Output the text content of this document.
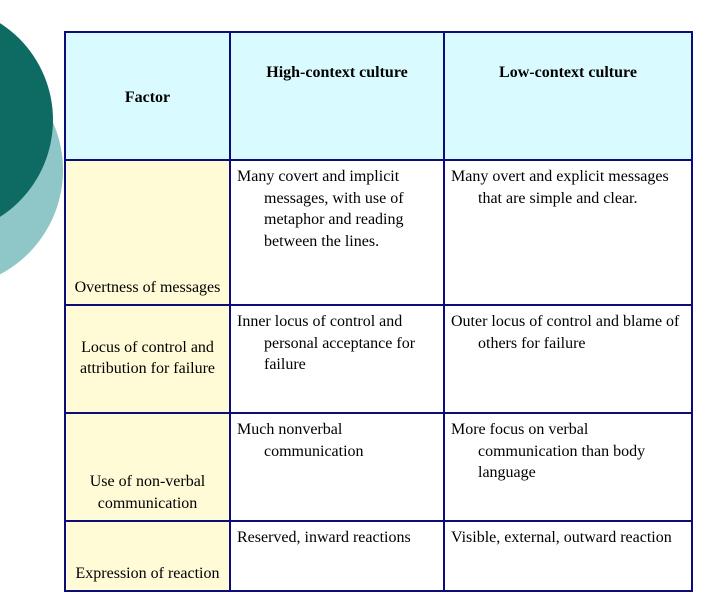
Factor	High-context culture	Low-context culture
Overtness of messages	Many covert and implicit messages, with use of metaphor and reading between the lines.	Many overt and explicit messages that are simple and clear.

Locus of control and attribution for failure	Inner locus of control and personal acceptance for failure	Outer locus of control and blame of others for failure

Use of non-verbal communication	Much nonverbal communication	More focus on verbal communication than body language

Expression of reaction	Reserved, inward reactions	Visible, external, outward reaction
